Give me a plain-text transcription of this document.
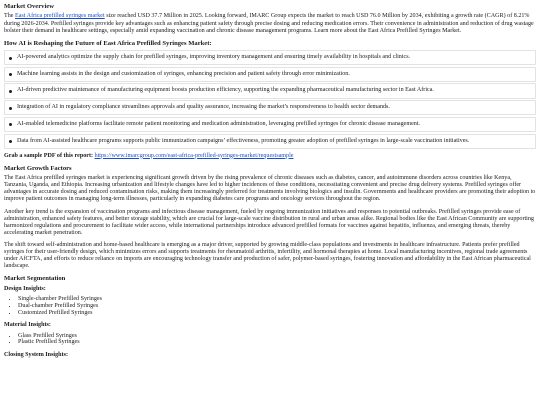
Market Overview

The East Africa prefilled syringes market size reached USD 37.7 Million in 2025. Looking forward, IMARC Group expects the market to reach USD 76.0 Million by 2034, exhibiting a growth rate (CAGR) of 8.21% during 2026-2034. Prefilled syringes provide key advantages such as enhancing patient safety through precise dosing and reducing medication errors. Their convenience in administration and reduction of drug wastage bolster their demand in healthcare settings, especially amid expanding vaccination and chronic disease management programs. Learn more about the East Africa Prefilled Syringes Market.

How AI is Reshaping the Future of East Africa Prefilled Syringes Market:
AI-powered analytics optimize the supply chain for prefilled syringes, improving inventory management and ensuring timely availability in hospitals and clinics.
Machine learning assists in the design and customization of syringes, enhancing precision and patient safety through error minimization.
AI-driven predictive maintenance of manufacturing equipment boosts production efficiency, supporting the expanding pharmaceutical manufacturing sector in East Africa.
Integration of AI in regulatory compliance streamlines approvals and quality assurance, increasing the market’s responsiveness to health sector demands.
AI-enabled telemedicine platforms facilitate remote patient monitoring and medication administration, leveraging prefilled syringes for chronic disease management.
Data from AI-assisted healthcare programs supports public immunization campaigns’ effectiveness, promoting greater adoption of prefilled syringes in large-scale vaccination initiatives.

Grab a sample PDF of this report: https://www.imarcgroup.com/east-africa-prefilled-syringes-market/requestsample

Market Growth Factors

The East Africa prefilled syringes market is experiencing significant growth driven by the rising prevalence of chronic diseases such as diabetes, cancer, and autoimmune disorders across countries like Kenya, Tanzania, Uganda, and Ethiopia. Increasing urbanization and lifestyle changes have led to higher incidences of these conditions, necessitating convenient and precise drug delivery systems. Prefilled syringes offer advantages in accurate dosing and reduced contamination risks, making them increasingly preferred for treatments involving biologics and insulin. Governments and healthcare providers are promoting their adoption to improve patient outcomes in managing long-term illnesses, particularly in expanding diabetes care programs and oncology services throughout the region.

Another key trend is the expansion of vaccination programs and infectious disease management, fueled by ongoing immunization initiatives and responses to potential outbreaks. Prefilled syringes provide ease of administration, enhanced safety features, and better storage stability, which are crucial for large-scale vaccine distribution in rural and urban areas alike. Regional bodies like the East African Community are supporting harmonized regulations and procurement to facilitate wider access, while international partnerships introduce advanced prefilled formats for vaccines against hepatitis, influenza, and emerging threats, thereby accelerating market penetration.

The shift toward self-administration and home-based healthcare is emerging as a major driver, supported by growing middle-class populations and investments in healthcare infrastructure. Patients prefer prefilled syringes for their user-friendly design, which minimizes errors and supports treatments for rheumatoid arthritis, infertility, and hormonal therapies at home. Local manufacturing incentives, regional trade agreements under AfCFTA, and efforts to reduce reliance on imports are encouraging technology transfer and production of safer, polymer-based syringes, fostering innovation and affordability in the East African pharmaceutical landscape.

Market Segmentation
Design Insights:
• Single-chamber Prefilled Syringes
• Dual-chamber Prefilled Syringes
• Customized Prefilled Syringes
Material Insights:
• Glass Prefilled Syringes
• Plastic Prefilled Syringes
Closing System Insights:
